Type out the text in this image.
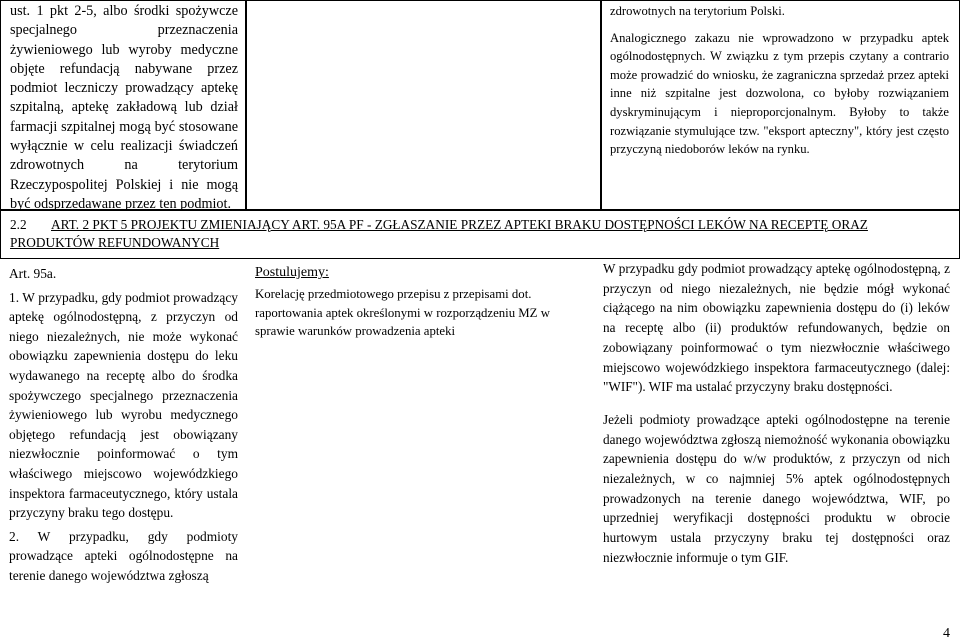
ust. 1 pkt 2-5, albo środki spożywcze specjalnego przeznaczenia żywieniowego lub wyroby medyczne objęte refundacją nabywane przez podmiot leczniczy prowadzący aptekę szpitalną, aptekę zakładową lub dział farmacji szpitalnej mogą być stosowane wyłącznie w celu realizacji świadczeń zdrowotnych na terytorium Rzeczypospolitej Polskiej i nie mogą być odsprzedawane przez ten podmiot.

zdrowotnych na terytorium Polski.

Analogicznego zakazu nie wprowadzono w przypadku aptek ogólnodostępnych. W związku z tym przepis czytany a contrario może prowadzić do wniosku, że zagraniczna sprzedaż przez apteki inne niż szpitalne jest dozwolona, co byłoby rozwiązaniem dyskryminującym i nieproporcjonalnym. Byłoby to także rozwiązanie stymulujące tzw. "eksport apteczny", który jest często przyczyną niedoborów leków na rynku.

2.2 ART. 2 PKT 5 PROJEKTU ZMIENIAJĄCY ART. 95A PF - ZGŁASZANIE PRZEZ APTEKI BRAKU DOSTĘPNOŚCI LEKÓW NA RECEPTĘ ORAZ PRODUKTÓW REFUNDOWANYCH

Art. 95a.

1. W przypadku, gdy podmiot prowadzący aptekę ogólnodostępną, z przyczyn od niego niezależnych, nie może wykonać obowiązku zapewnienia dostępu do leku wydawanego na receptę albo do środka spożywczego specjalnego przeznaczenia żywieniowego lub wyrobu medycznego objętego refundacją jest obowiązany niezwłocznie poinformować o tym właściwego miejscowo wojewódzkiego inspektora farmaceutycznego, który ustala przyczyny braku tego dostępu.

2. W przypadku, gdy podmioty prowadzące apteki ogólnodostępne na terenie danego województwa zgłoszą

Postulujemy:

Korelację przedmiotowego przepisu z przepisami dot. raportowania aptek określonymi w rozporządzeniu MZ w sprawie warunków prowadzenia apteki

W przypadku gdy podmiot prowadzący aptekę ogólnodostępną, z przyczyn od niego niezależnych, nie będzie mógł wykonać ciążącego na nim obowiązku zapewnienia dostępu do (i) leków na receptę albo (ii) produktów refundowanych, będzie on zobowiązany poinformować o tym niezwłocznie właściwego miejscowo wojewódzkiego inspektora farmaceutycznego (dalej: "WIF"). WIF ma ustalać przyczyny braku dostępności.

Jeżeli podmioty prowadzące apteki ogólnodostępne na terenie danego województwa zgłoszą niemożność wykonania obowiązku zapewnienia dostępu do w/w produktów, z przyczyn od nich niezależnych, w co najmniej 5% aptek ogólnodostępnych prowadzonych na terenie danego województwa, WIF, po uprzedniej weryfikacji dostępności produktu w obrocie hurtowym ustala przyczyny braku tej dostępności oraz niezwłocznie informuje o tym GIF.

4
